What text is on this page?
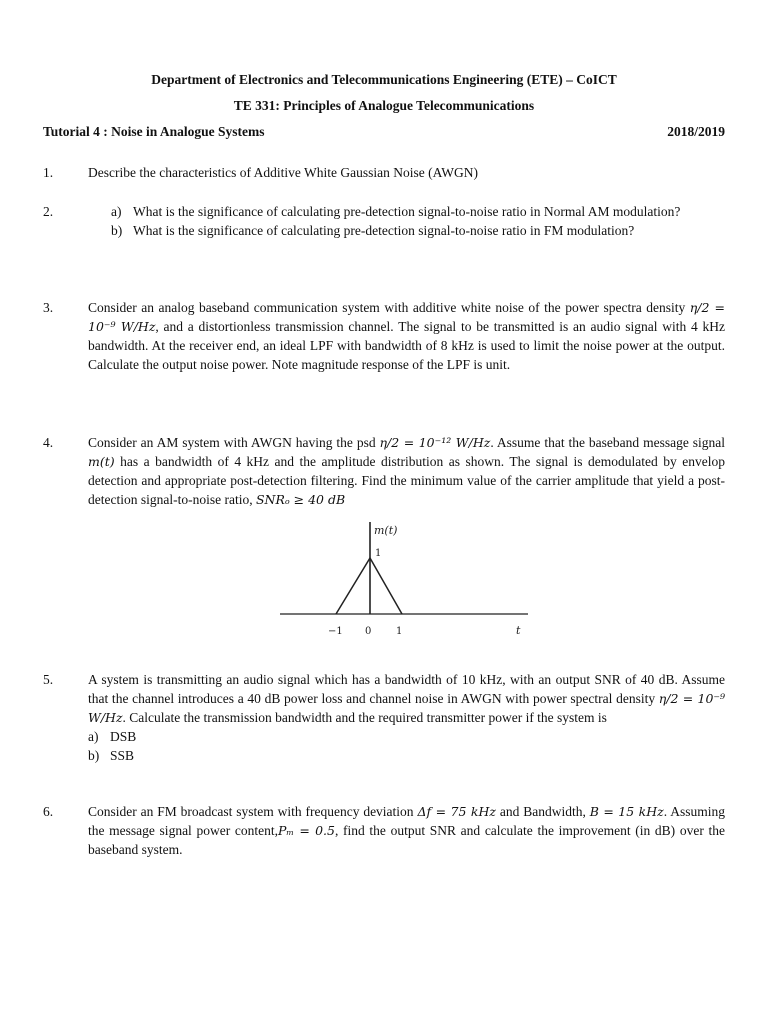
Department of Electronics and Telecommunications Engineering (ETE) – CoICT
TE 331: Principles of Analogue Telecommunications
Tutorial 4 : Noise in Analogue Systems	2018/2019
1.	Describe the characteristics of Additive White Gaussian Noise (AWGN)
2.	a) What is the significance of calculating pre-detection signal-to-noise ratio in Normal AM modulation?
b) What is the significance of calculating pre-detection signal-to-noise ratio in FM modulation?
3.	Consider an analog baseband communication system with additive white noise of the power spectra density η/2 = 10⁻⁹ W/Hz, and a distortionless transmission channel. The signal to be transmitted is an audio signal with 4 kHz bandwidth. At the receiver end, an ideal LPF with bandwidth of 8 kHz is used to limit the noise power at the output. Calculate the output noise power. Note magnitude response of the LPF is unit.
4.	Consider an AM system with AWGN having the psd η/2 = 10⁻¹² W/Hz. Assume that the baseband message signal m(t) has a bandwidth of 4 kHz and the amplitude distribution as shown. The signal is demodulated by envelop detection and appropriate post-detection filtering. Find the minimum value of the carrier amplitude that yield a post-detection signal-to-noise ratio, SNRₒ ≥ 40 dB
m(t)
1
−1 0 1	t
5.	A system is transmitting an audio signal which has a bandwidth of 10 kHz, with an output SNR of 40 dB. Assume that the channel introduces a 40 dB power loss and channel noise in AWGN with power spectral density η/2 = 10⁻⁹ W/Hz. Calculate the transmission bandwidth and the required transmitter power if the system is
a) DSB
b) SSB
6.	Consider an FM broadcast system with frequency deviation Δf = 75 kHz and Bandwidth, B = 15 kHz. Assuming the message signal power content,Pₘ = 0.5, find the output SNR and calculate the improvement (in dB) over the baseband system.
